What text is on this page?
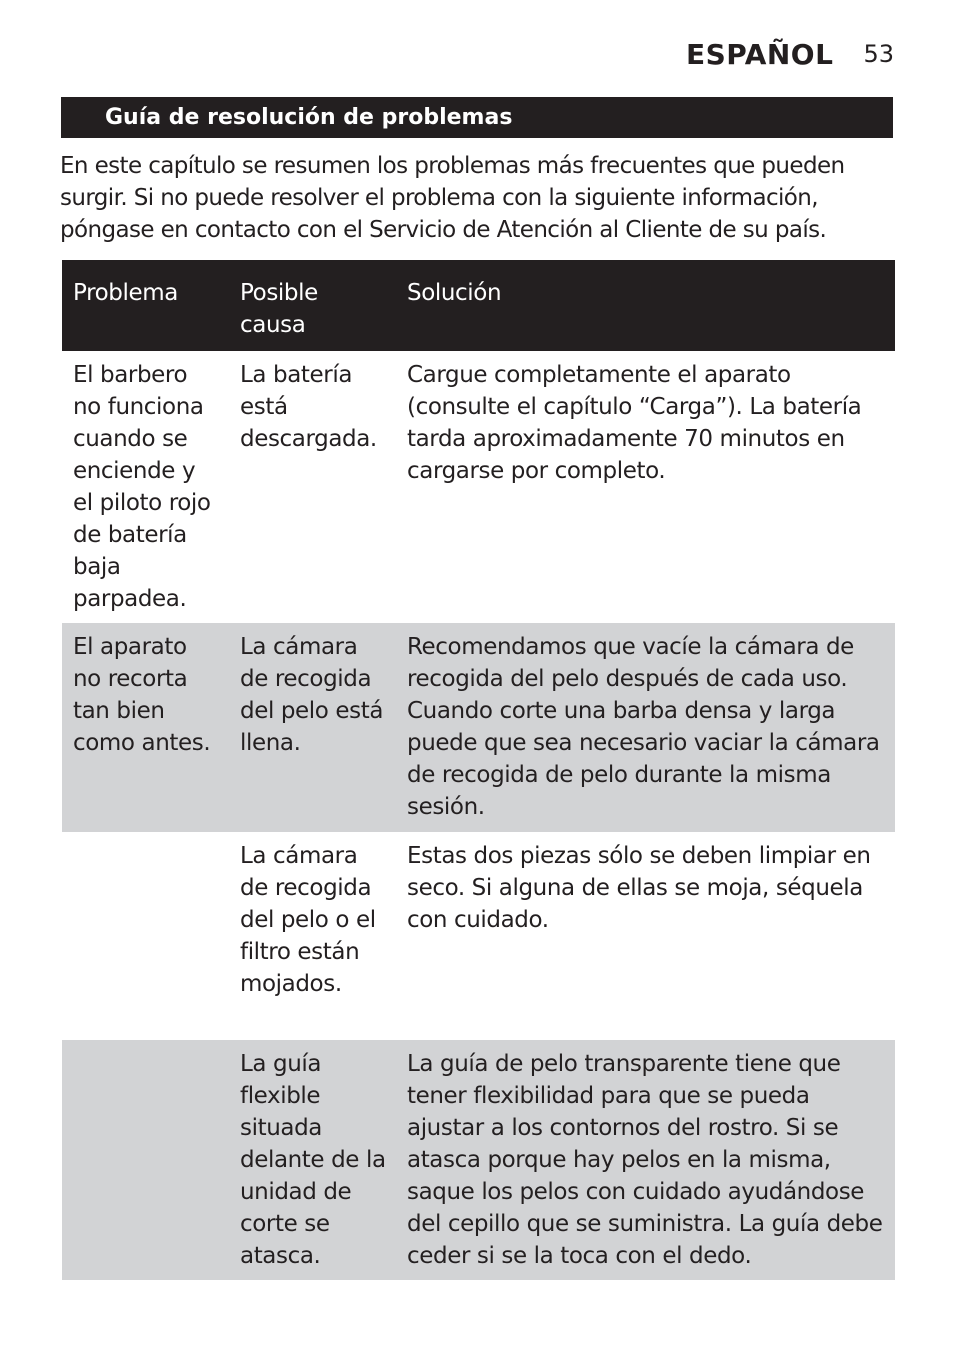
ESPAÑOL 53
Guía de resolución de problemas

En este capítulo se resumen los problemas más frecuentes que pueden surgir. Si no puede resolver el problema con la siguiente información, póngase en contacto con el Servicio de Atención al Cliente de su país.

Problema	Posible causa	Solución
El barbero no funciona cuando se enciende y el piloto rojo de batería baja parpadea.	La batería está descargada.	Cargue completamente el aparato (consulte el capítulo “Carga”). La batería tarda aproximadamente 70 minutos en cargarse por completo.
El aparato no recorta tan bien como antes.	La cámara de recogida del pelo está llena.	Recomendamos que vacíe la cámara de recogida del pelo después de cada uso. Cuando corte una barba densa y larga puede que sea necesario vaciar la cámara de recogida de pelo durante la misma sesión.
	La cámara de recogida del pelo o el filtro están mojados.	Estas dos piezas sólo se deben limpiar en seco. Si alguna de ellas se moja, séquela con cuidado.
	La guía flexible situada delante de la unidad de corte se atasca.	La guía de pelo transparente tiene que tener flexibilidad para que se pueda ajustar a los contornos del rostro. Si se atasca porque hay pelos en la misma, saque los pelos con cuidado ayudándose del cepillo que se suministra. La guía debe ceder si se la toca con el dedo.
